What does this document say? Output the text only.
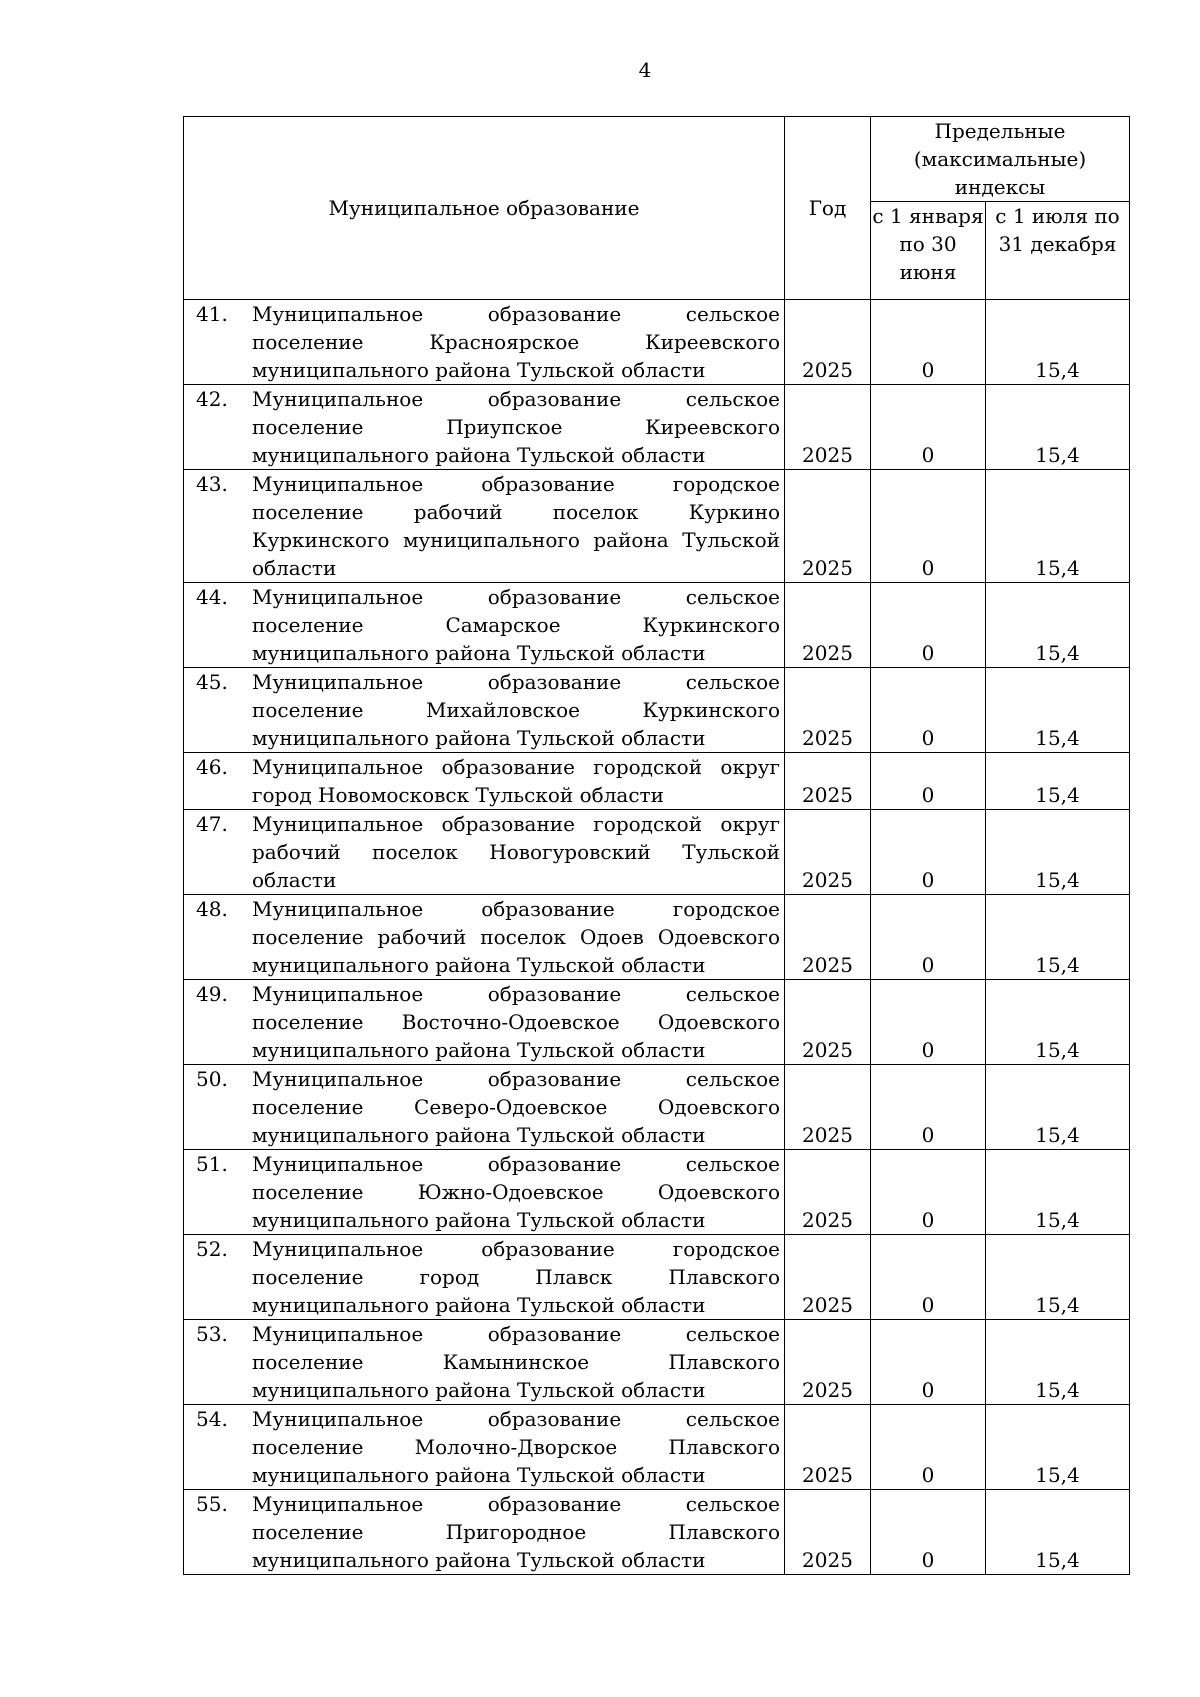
4
Муниципальное образование	Год	Предельные (максимальные) индексы	
		с 1 января по 30 июня	с 1 июля по 31 декабря

41. Муниципальное образование сельское поселение Красноярское Киреевского муниципального района Тульской области	2025	0	15,4

42. Муниципальное образование сельское поселение Приупское Киреевского муниципального района Тульской области	2025	0	15,4

43. Муниципальное образование городское поселение рабочий поселок Куркино Куркинского муниципального района Тульской области	2025	0	15,4

44. Муниципальное образование сельское поселение Самарское Куркинского муниципального района Тульской области	2025	0	15,4

45. Муниципальное образование сельское поселение Михайловское Куркинского муниципального района Тульской области	2025	0	15,4

46. Муниципальное образование городской округ город Новомосковск Тульской области	2025	0	15,4

47. Муниципальное образование городской округ рабочий поселок Новогуровский Тульской области	2025	0	15,4

48. Муниципальное образование городское поселение рабочий поселок Одоев Одоевского муниципального района Тульской области	2025	0	15,4

49. Муниципальное образование сельское поселение Восточно-Одоевское Одоевского муниципального района Тульской области	2025	0	15,4

50. Муниципальное образование сельское поселение Северо-Одоевское Одоевского муниципального района Тульской области	2025	0	15,4

51. Муниципальное образование сельское поселение Южно-Одоевское Одоевского муниципального района Тульской области	2025	0	15,4

52. Муниципальное образование городское поселение город Плавск Плавского муниципального района Тульской области	2025	0	15,4

53. Муниципальное образование сельское поселение Камынинское Плавского муниципального района Тульской области	2025	0	15,4

54. Муниципальное образование сельское поселение Молочно-Дворское Плавского муниципального района Тульской области	2025	0	15,4

55. Муниципальное образование сельское поселение Пригородное Плавского муниципального района Тульской области	2025	0	15,4
